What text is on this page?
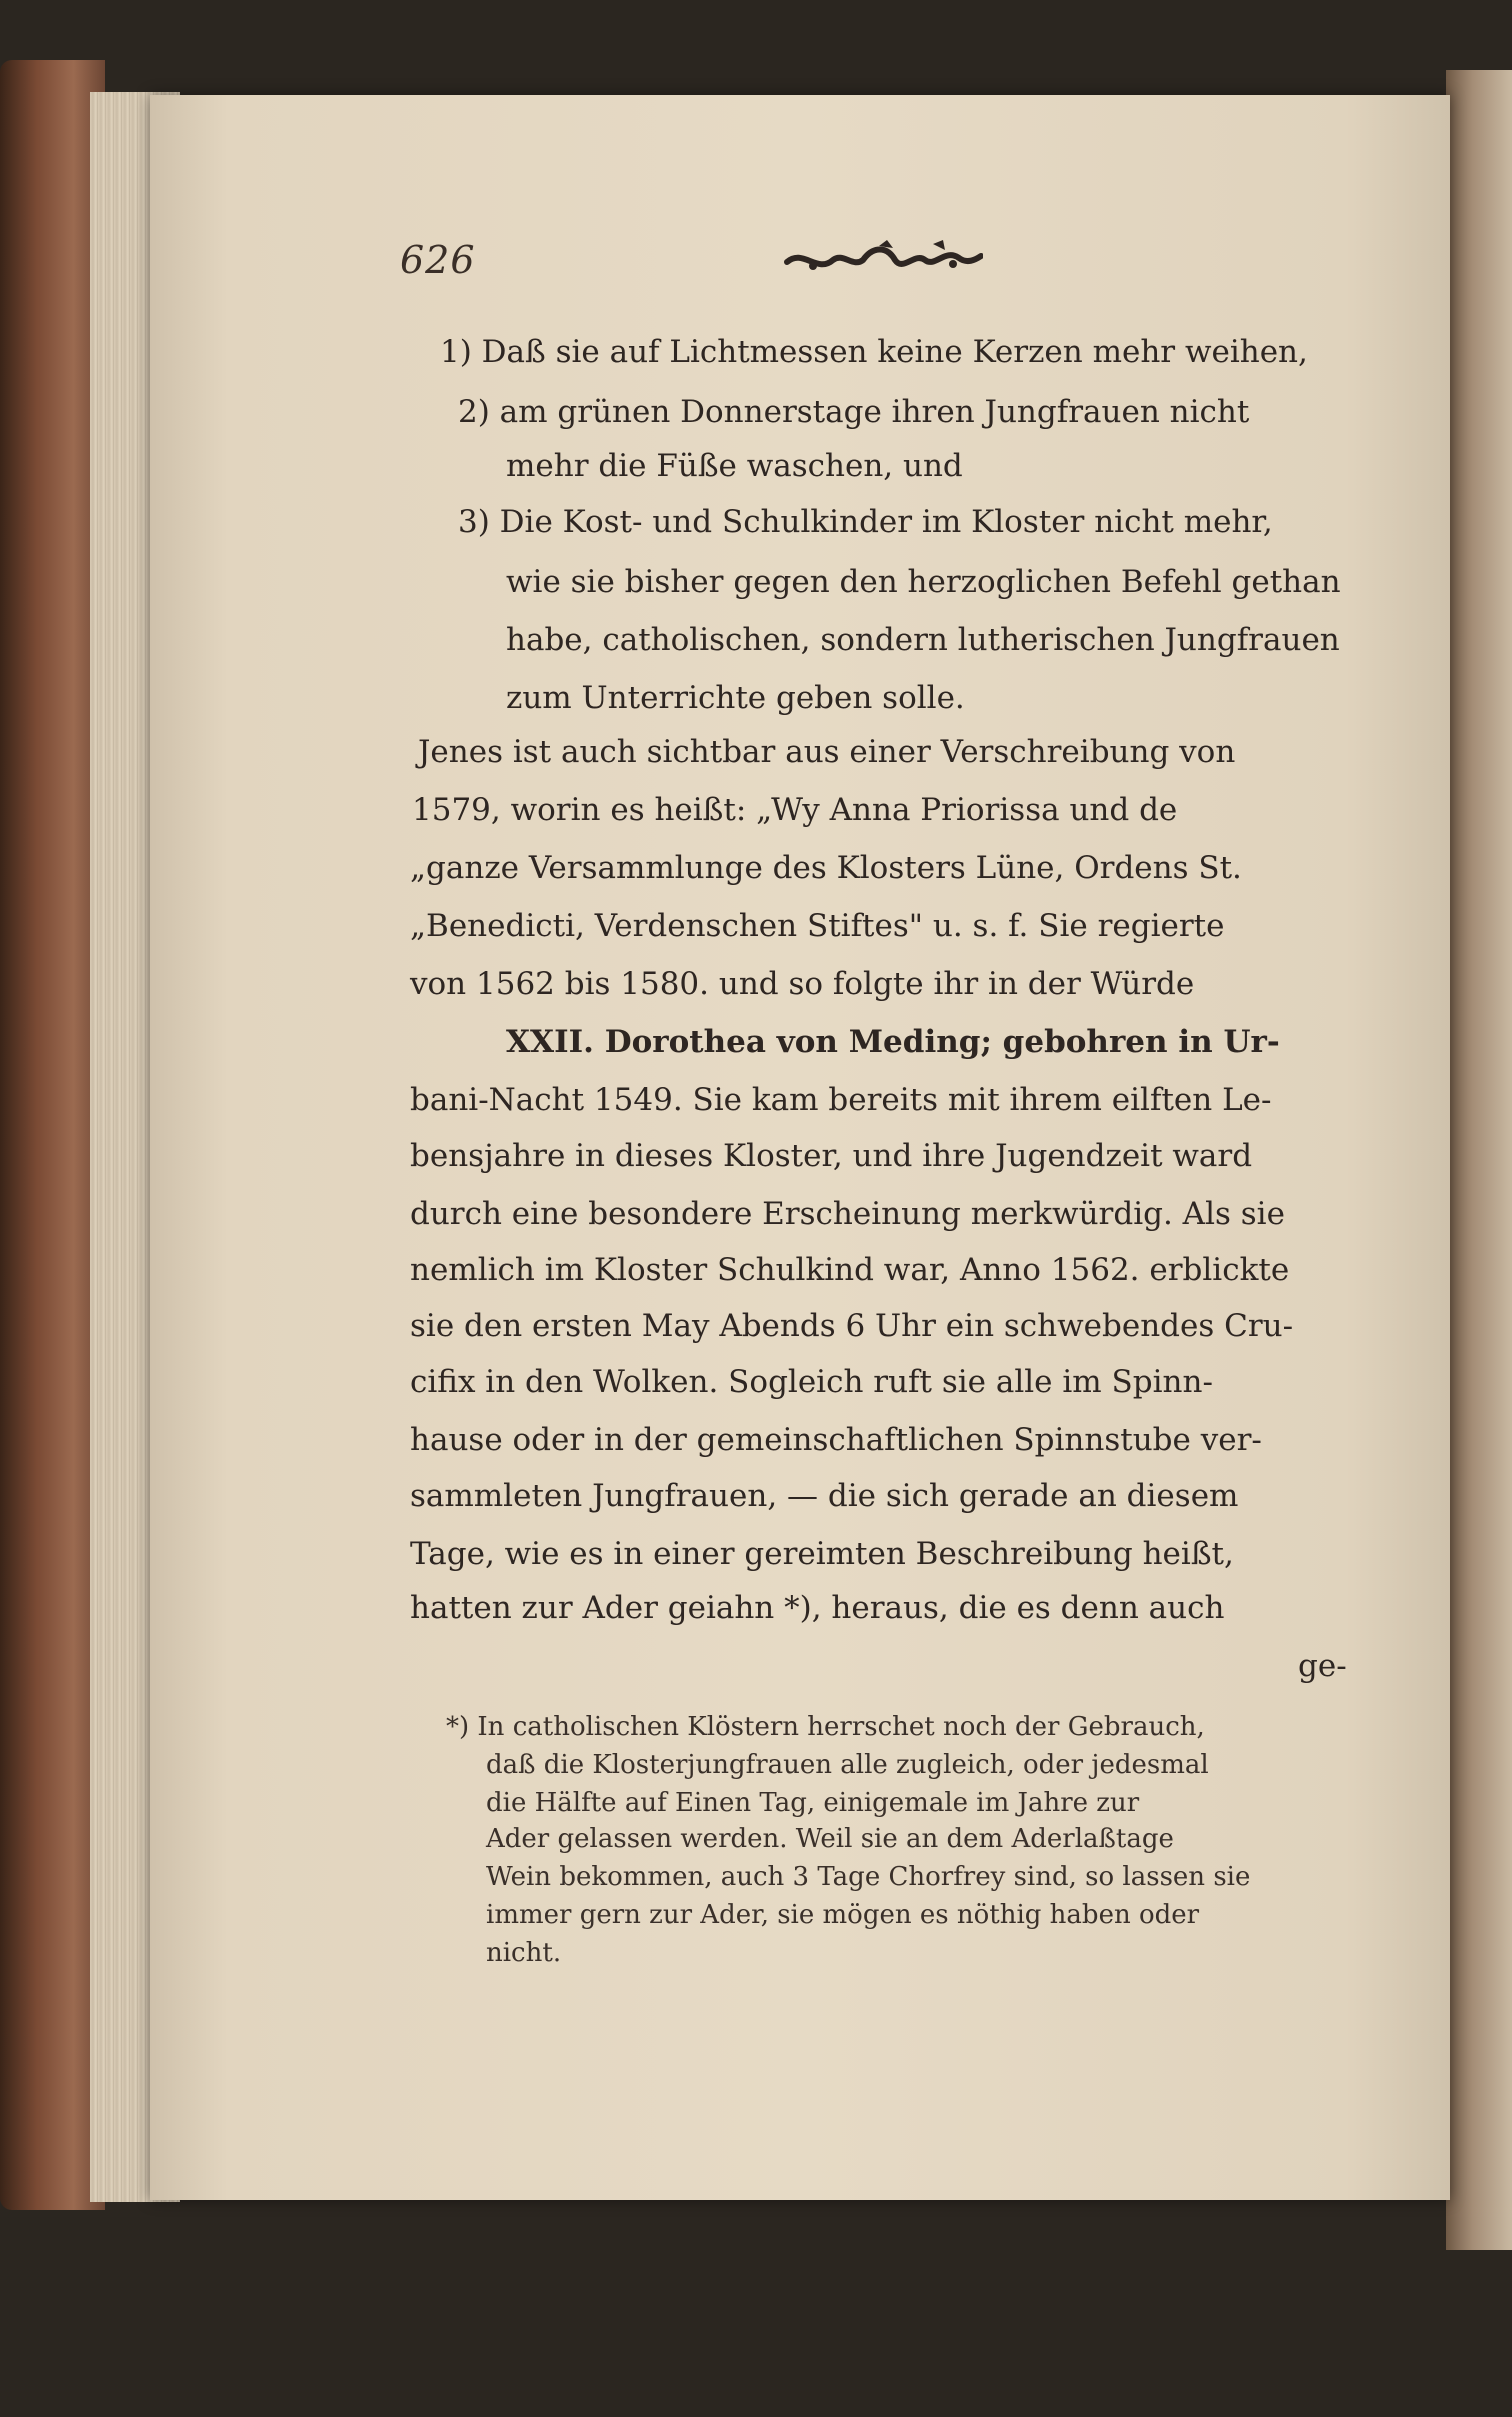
626
1) Daß sie auf Lichtmessen keine Kerzen mehr weihen,
2) am grünen Donnerstage ihren Jungfrauen nicht
mehr die Füße waschen, und
3) Die Kost- und Schulkinder im Kloster nicht mehr,
wie sie bisher gegen den herzoglichen Befehl gethan
habe, catholischen, sondern lutherischen Jungfrauen
zum Unterrichte geben solle.
Jenes ist auch sichtbar aus einer Verschreibung von
1579, worin es heißt: „Wy Anna Priorissa und de
„ganze Versammlunge des Klosters Lüne, Ordens St.
„Benedicti, Verdenschen Stiftes" u. s. f. Sie regierte
von 1562 bis 1580. und so folgte ihr in der Würde
XXII. Dorothea von Meding; gebohren in Ur-
bani-Nacht 1549. Sie kam bereits mit ihrem eilften Le-
bensjahre in dieses Kloster, und ihre Jugendzeit ward
durch eine besondere Erscheinung merkwürdig. Als sie
nemlich im Kloster Schulkind war, Anno 1562. erblickte
sie den ersten May Abends 6 Uhr ein schwebendes Cru-
cifix in den Wolken. Sogleich ruft sie alle im Spinn-
hause oder in der gemeinschaftlichen Spinnstube ver-
sammleten Jungfrauen, — die sich gerade an diesem
Tage, wie es in einer gereimten Beschreibung heißt,
hatten zur Ader geiahn *), heraus, die es denn auch
ge-
*) In catholischen Klöstern herrschet noch der Gebrauch,
daß die Klosterjungfrauen alle zugleich, oder jedesmal
die Hälfte auf Einen Tag, einigemale im Jahre zur
Ader gelassen werden. Weil sie an dem Aderlaßtage
Wein bekommen, auch 3 Tage Chorfrey sind, so lassen sie
immer gern zur Ader, sie mögen es nöthig haben oder
nicht.
